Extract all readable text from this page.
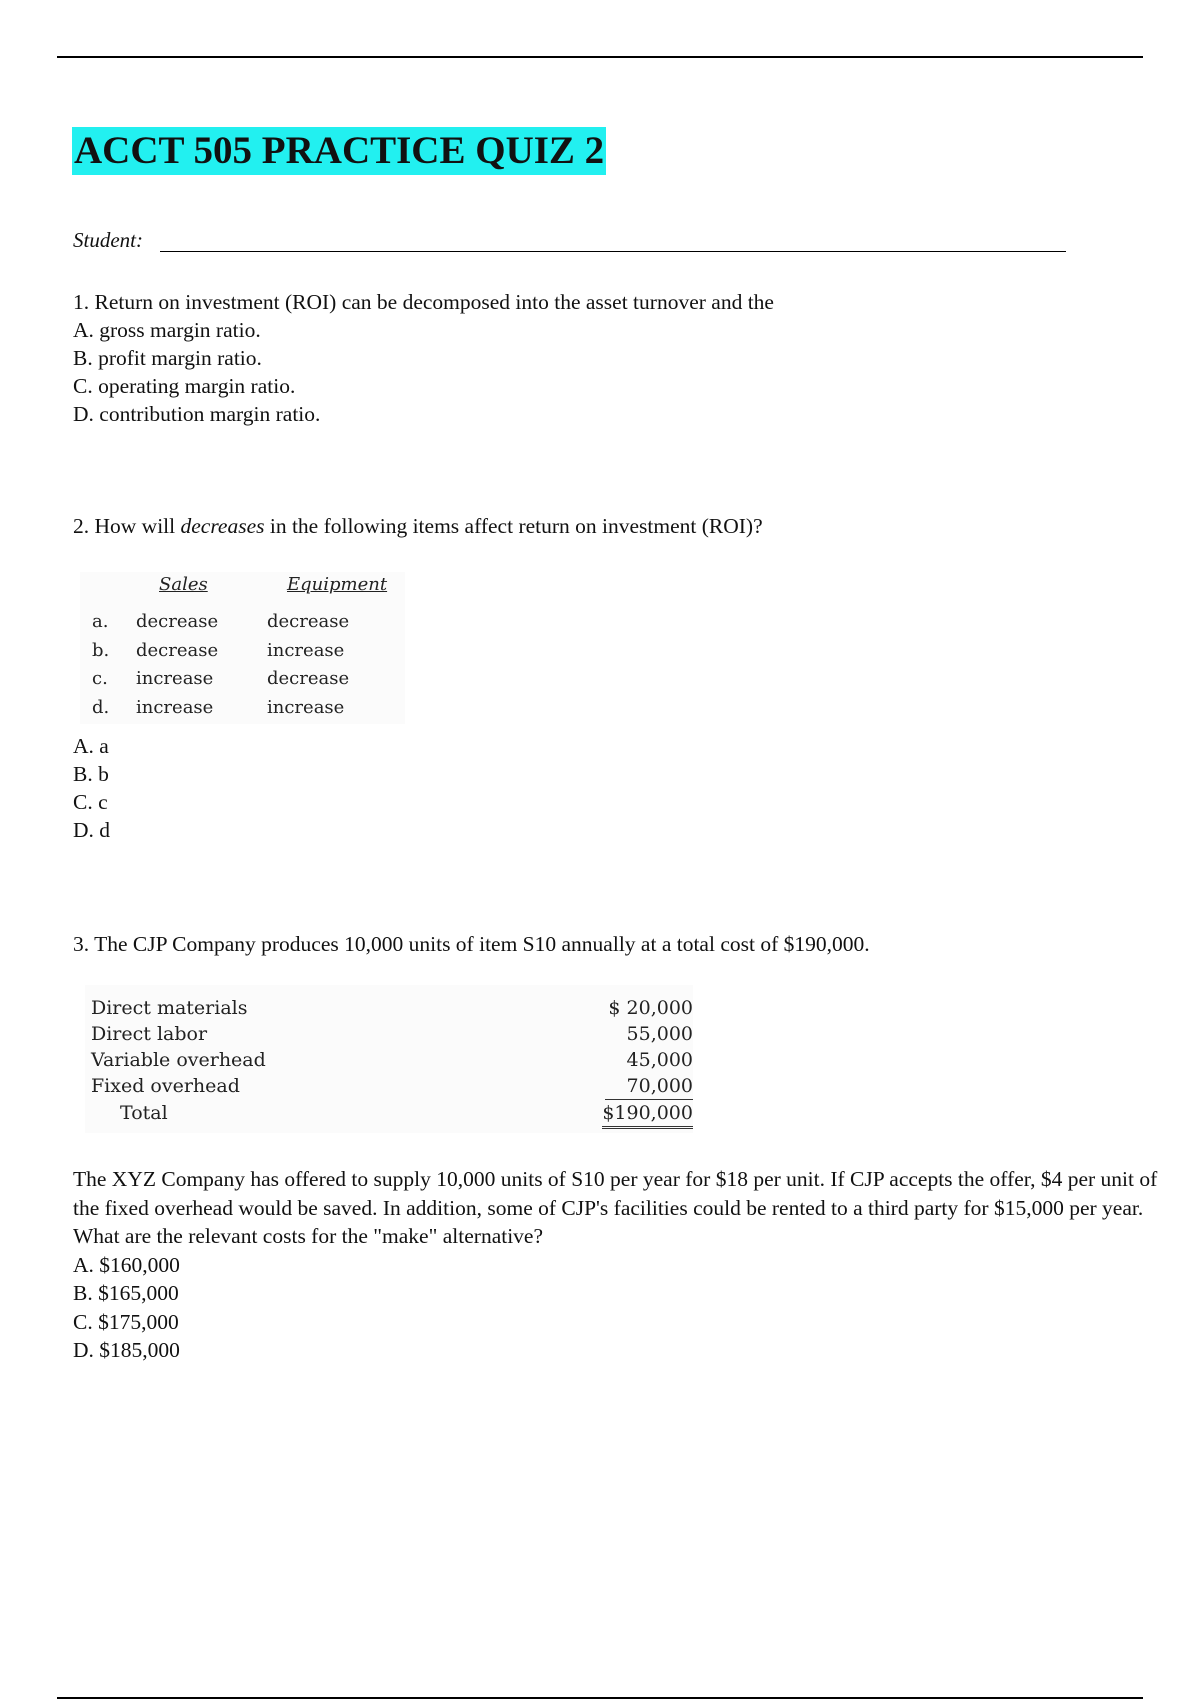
ACCT 505 PRACTICE QUIZ 2
Student:
1. Return on investment (ROI) can be decomposed into the asset turnover and the
A. gross margin ratio.
B. profit margin ratio.
C. operating margin ratio.
D. contribution margin ratio.
2. How will decreases in the following items affect return on investment (ROI)?
Sales	Equipment
a. decrease	decrease
b. decrease	increase
c. increase	decrease
d. increase	increase
A. a
B. b
C. c
D. d
3. The CJP Company produces 10,000 units of item S10 annually at a total cost of $190,000.
Direct materials	$ 20,000
Direct labor	55,000
Variable overhead	45,000
Fixed overhead	70,000
Total	$190,000
The XYZ Company has offered to supply 10,000 units of S10 per year for $18 per unit. If CJP accepts the offer, $4 per unit of the fixed overhead would be saved. In addition, some of CJP's facilities could be rented to a third party for $15,000 per year. What are the relevant costs for the "make" alternative?
A. $160,000
B. $165,000
C. $175,000
D. $185,000
